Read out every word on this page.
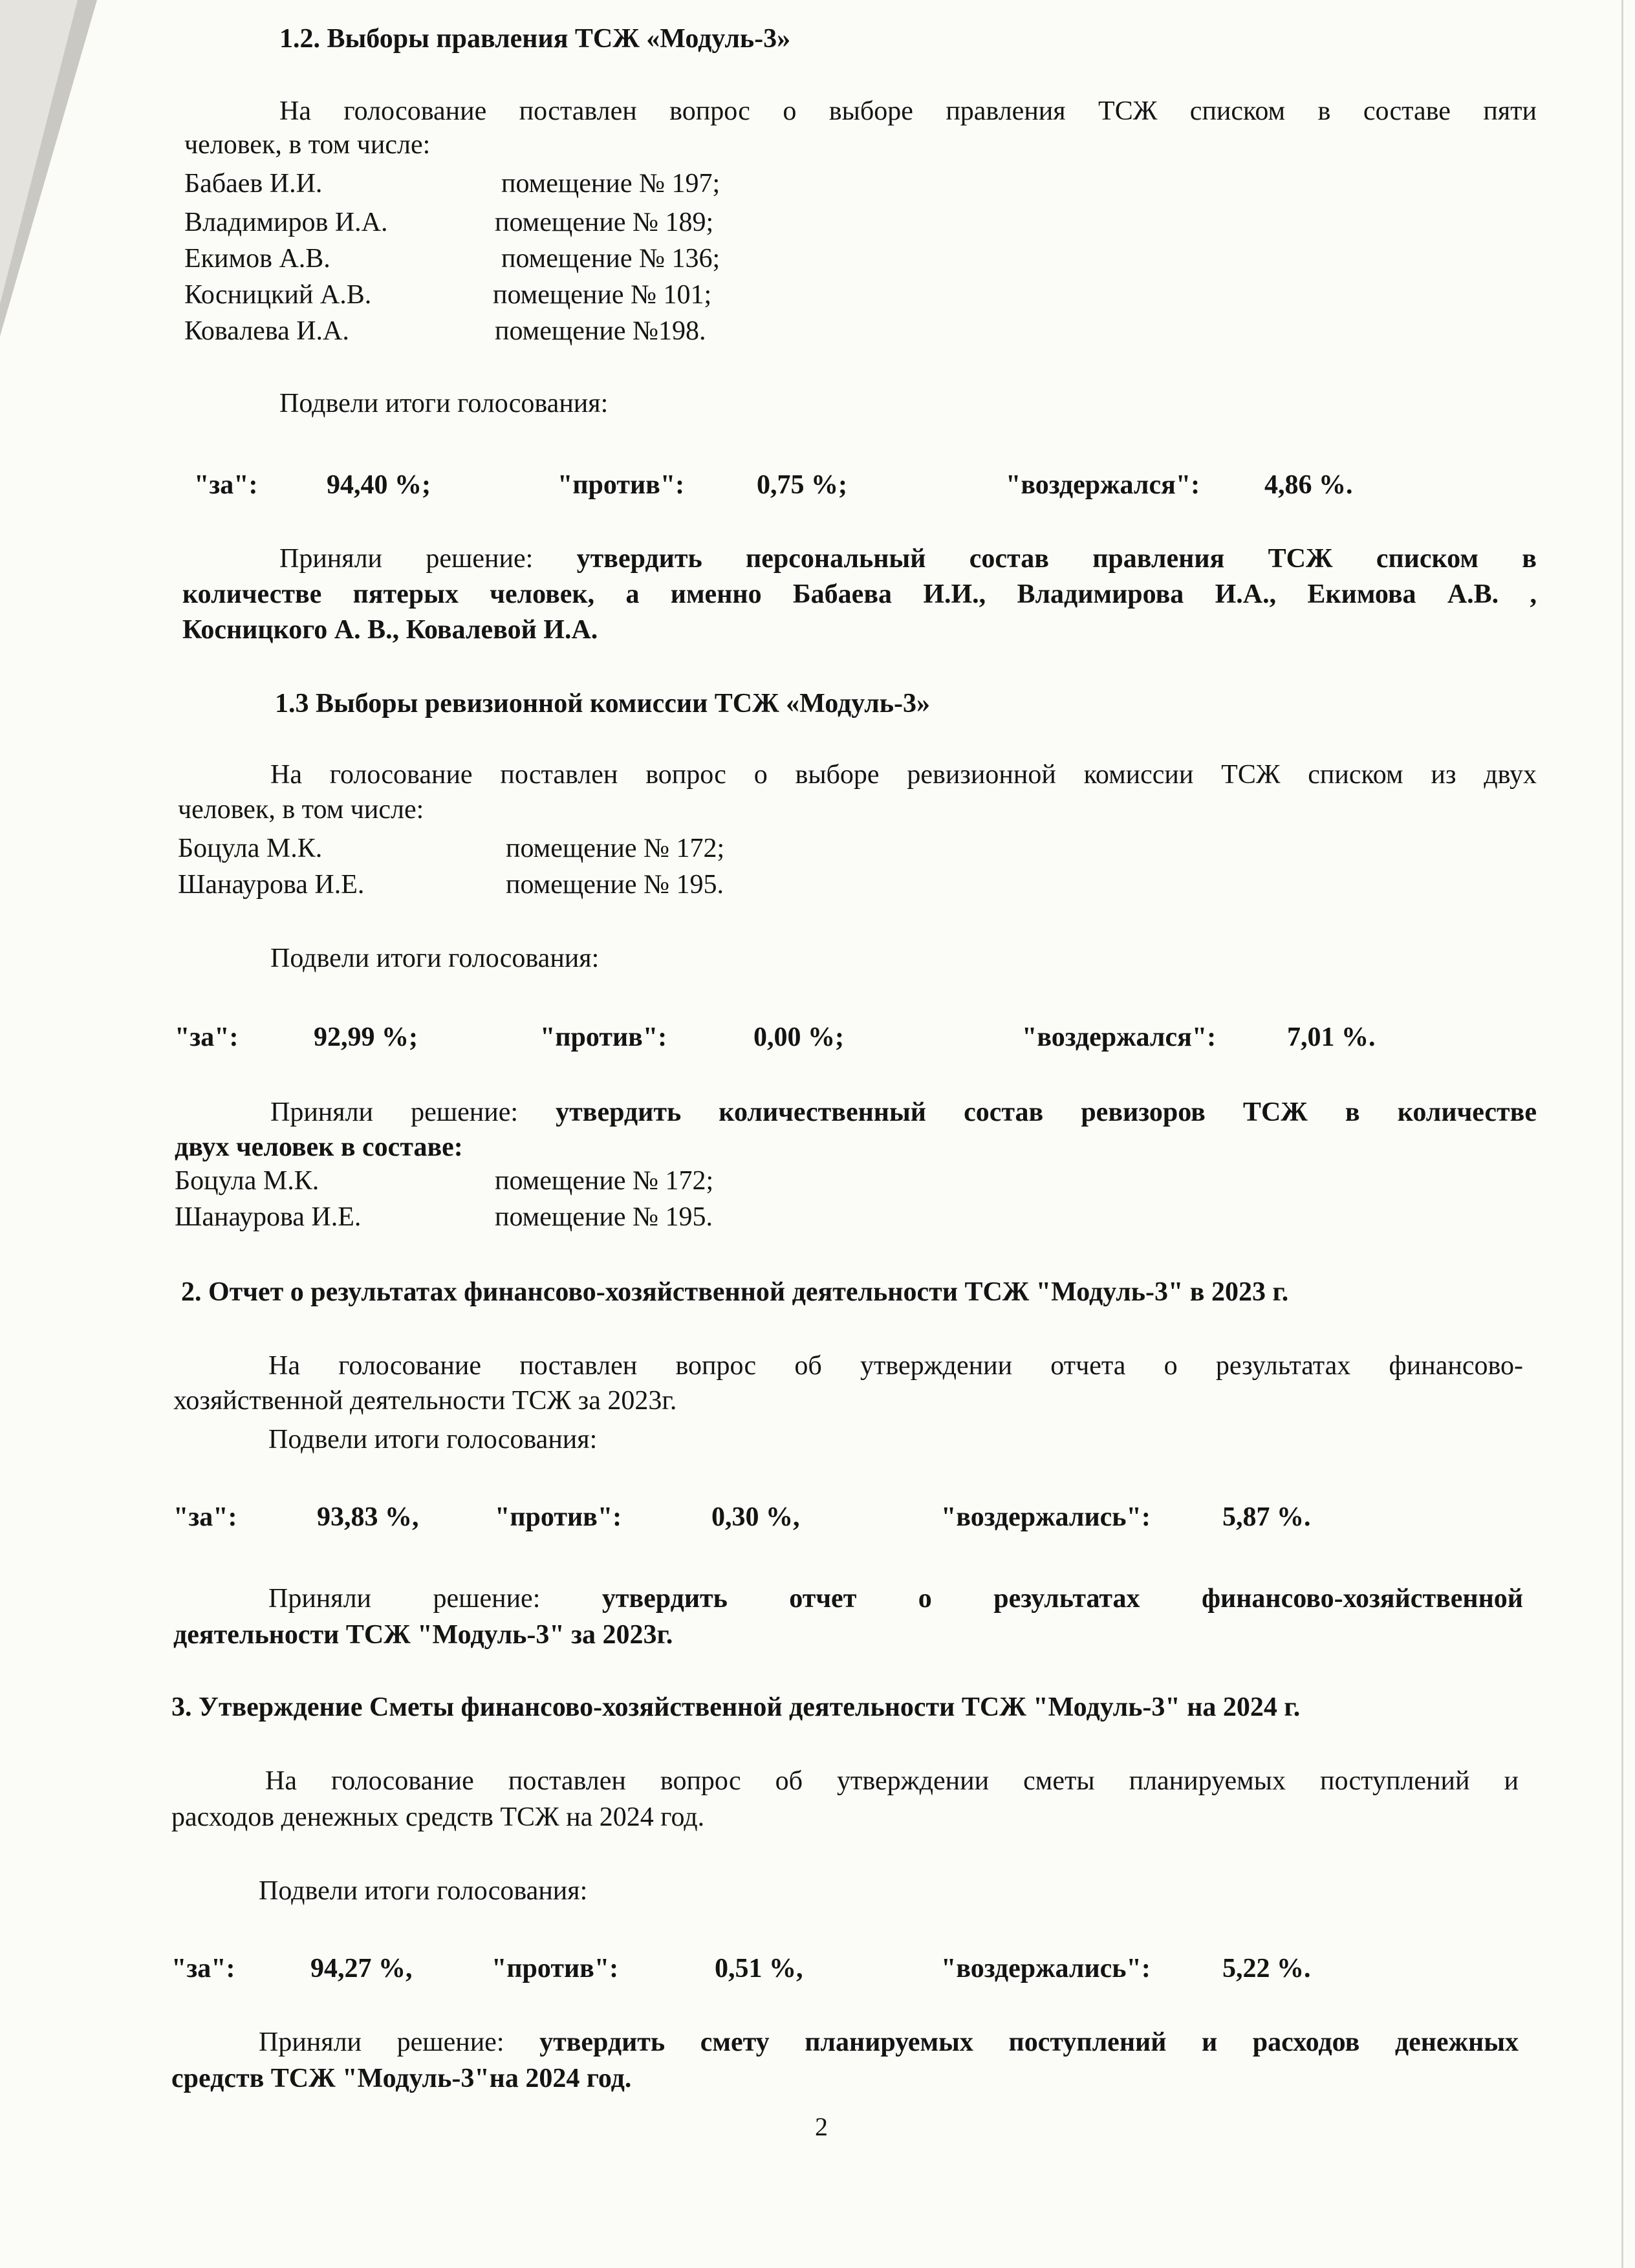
1.2. Выборы правления ТСЖ «Модуль-3»
На голосование поставлен вопрос о выборе правления ТСЖ списком в составе пяти
человек, в том числе:
Бабаев И.И.	помещение № 197;
Владимиров И.А.	помещение № 189;
Екимов А.В.	помещение № 136;
Косницкий А.В.	помещение № 101;
Ковалева И.А.	помещение №198.
Подвели итоги голосования:
"за":	94,40 %;	"против":	0,75 %;	"воздержался": 4,86 %.
Приняли решение: утвердить персональный состав правления ТСЖ списком в
количестве пятерых человек, а именно Бабаева И.И., Владимирова И.А., Екимова А.В. ,
Косницкого А. В., Ковалевой И.А.
1.3 Выборы ревизионной комиссии ТСЖ «Модуль-3»
На голосование поставлен вопрос о выборе ревизионной комиссии ТСЖ списком из двух
человек, в том числе:
Боцула М.К.	помещение № 172;
Шанаурова И.Е.	помещение № 195.
Подвели итоги голосования:
"за":	92,99 %;	"против":	0,00 %;	"воздержался":	7,01 %.
Приняли решение: утвердить количественный состав ревизоров ТСЖ в количестве
двух человек в составе:
Боцула М.К.	помещение № 172;
Шанаурова И.Е.	помещение № 195.
2. Отчет о результатах финансово-хозяйственной деятельности ТСЖ "Модуль-3" в 2023 г.
На голосование поставлен вопрос об утверждении отчета о результатах финансово-
хозяйственной деятельности ТСЖ за 2023г.
Подвели итоги голосования:
"за":	93,83 %,	"против":	0,30 %,	"воздержались":	5,87 %.
Приняли решение: утвердить отчет о результатах финансово-хозяйственной
деятельности ТСЖ "Модуль-3" за 2023г.
3. Утверждение Сметы финансово-хозяйственной деятельности ТСЖ "Модуль-3" на 2024 г.
На голосование поставлен вопрос об утверждении сметы планируемых поступлений и
расходов денежных средств ТСЖ на 2024 год.
Подвели итоги голосования:
"за":	94,27 %,	"против":	0,51 %,	"воздержались":	5,22 %.
Приняли решение: утвердить смету планируемых поступлений и расходов денежных
средств ТСЖ "Модуль-3"на 2024 год.
2
